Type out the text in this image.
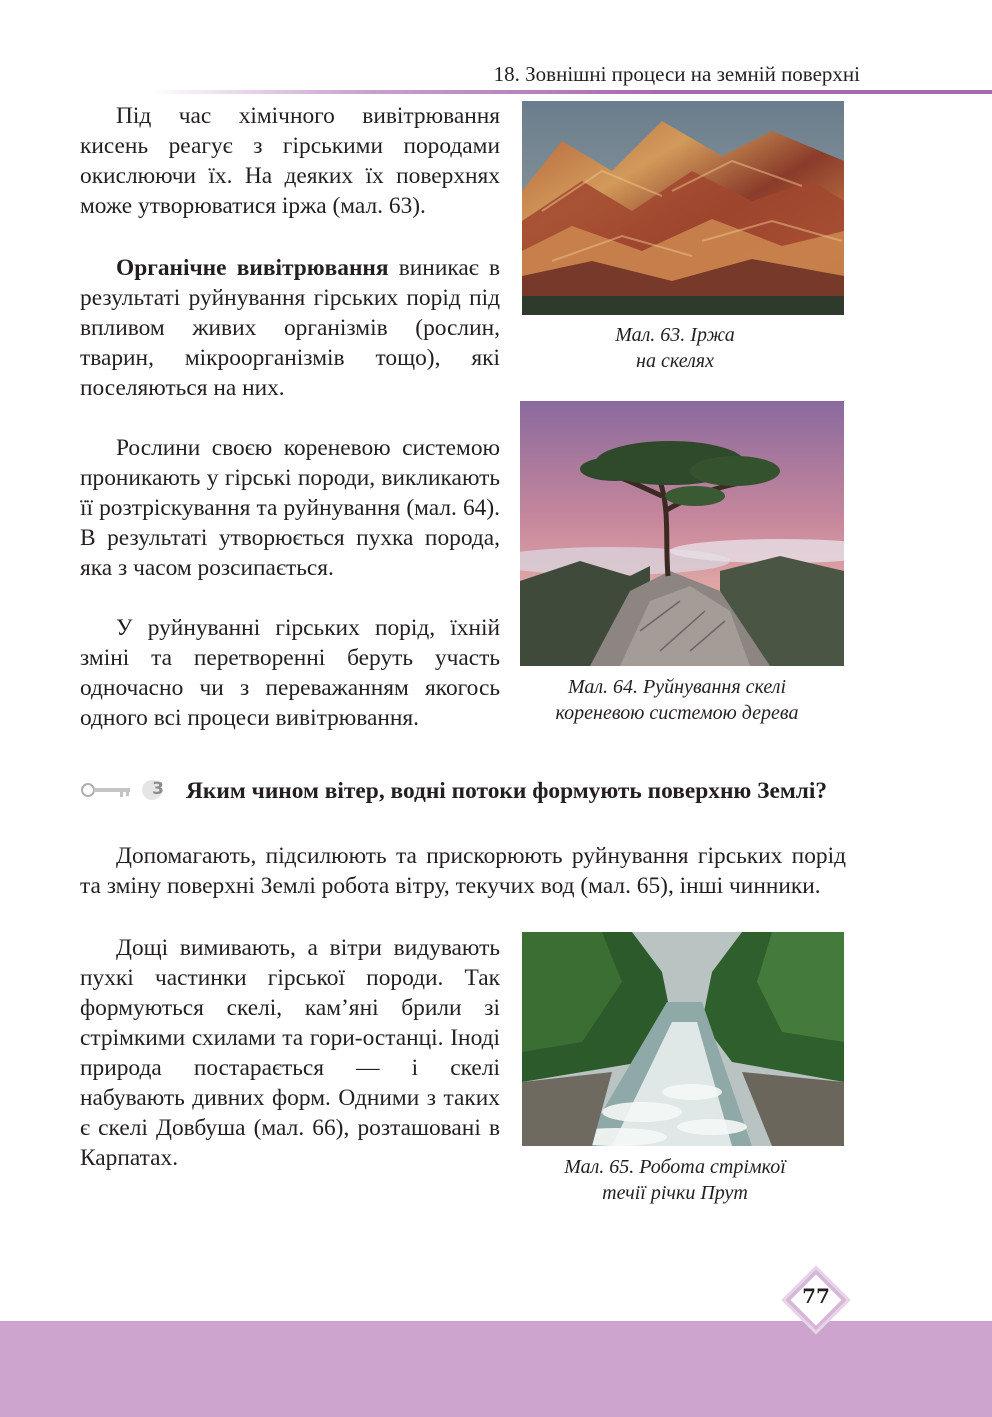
18. Зовнішні процеси на земній поверхні

Під час хімічного вивітрювання кисень реагує з гірськими породами окислюючи їх. На деяких їх поверхнях може утворюватися іржа (мал. 63).

Органічне вивітрювання виникає в результаті руйнування гірських порід під впливом живих організмів (рослин, тварин, мікроорганізмів тощо), які поселяються на них.

Рослини своєю кореневою системою проникають у гірські породи, викликають її розтріскування та руйнування (мал. 64). В результаті утворюється пухка порода, яка з часом розсипається.

У руйнуванні гірських порід, їхній зміні та перетворенні беруть участь одночасно чи з переважанням якогось одного всі процеси вивітрювання.

Мал. 63. Іржа
на скелях

Мал. 64. Руйнування скелі
кореневою системою дерева

3 Яким чином вітер, водні потоки формують поверхню Землі?

Допомагають, підсилюють та прискорюють руйнування гірських порід та зміну поверхні Землі робота вітру, текучих вод (мал. 65), інші чинники.

Дощі вимивають, а вітри видувають пухкі частинки гірської породи. Так формуються скелі, кам’яні брили зі стрімкими схилами та гори-останці. Іноді природа постарається — і скелі набувають дивних форм. Одними з таких є скелі Довбуша (мал. 66), розташовані в Карпатах.	Мал. 65. Робота стрімкої
течії річки Прут

77
